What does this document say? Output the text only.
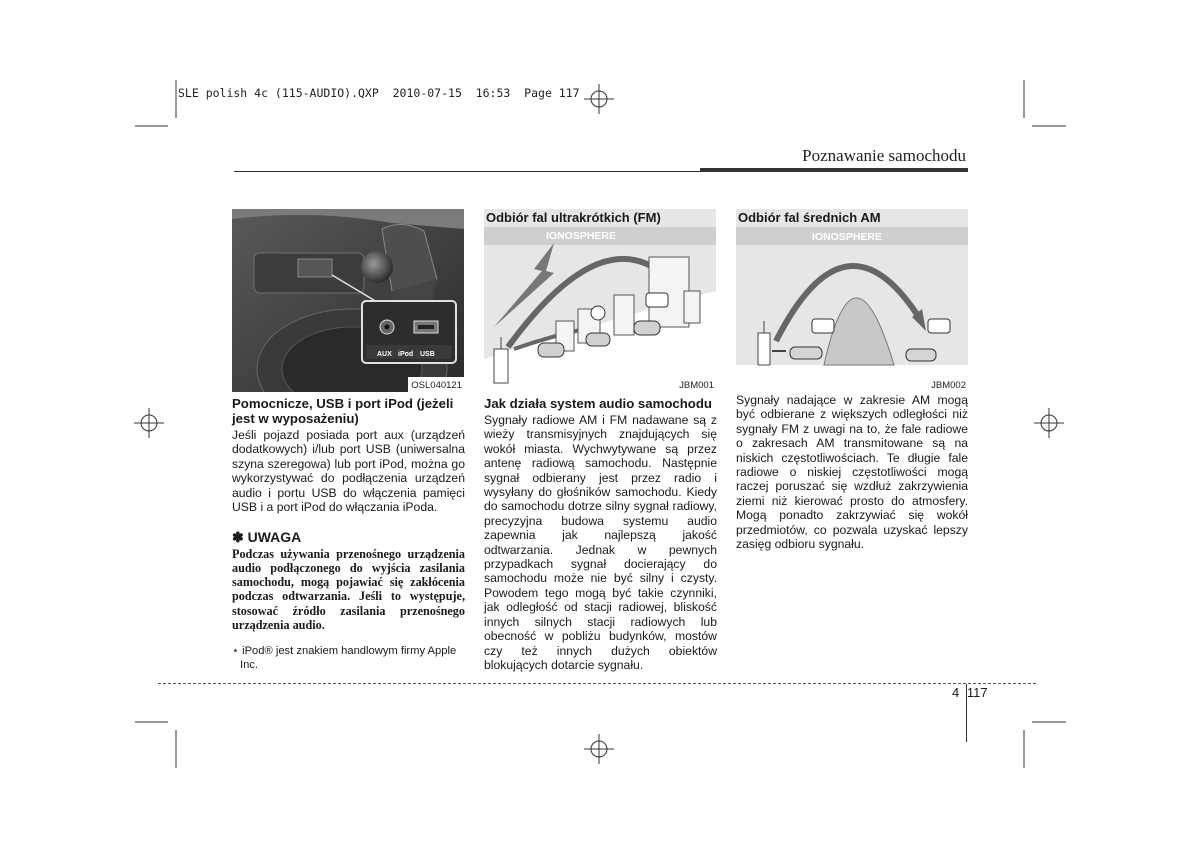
SLE polish 4c (115-AUDIO).QXP  2010-07-15  16:53  Page 117
Poznawanie samochodu
AUX iPod USB
OSL040121
IONOSPHERE
Odbiór fal ultrakrótkich (FM)
JBM001
IONOSPHERE
Odbiór fal średnich AM
JBM002
Pomocnicze, USB i port iPod (jeżeli jest w wyposażeniu)
Jeśli pojazd posiada port aux (urządzeń dodatkowych) i/lub port USB (uniwersalna szyna szeregowa) lub port iPod, można go wykorzystywać do podłączenia urządzeń audio i portu USB do włączenia pamięci USB i a port iPod do włączania iPoda.
✽ UWAGA
Podczas używania przenośnego urządzenia audio podłączonego do wyjścia zasilania samochodu, mogą pojawiać się zakłócenia podczas odtwarzania. Jeśli to występuje, stosować źródło zasilania przenośnego urządzenia audio.
⋆ iPod® jest znakiem handlowym firmy Apple Inc.
Jak działa system audio samochodu
Sygnały radiowe AM i FM nadawane są z wieży transmisyjnych znajdujących się wokół miasta. Wychwytywane są przez antenę radiową samochodu. Następnie sygnał odbierany jest przez radio i wysyłany do głośników samochodu. Kiedy do samochodu dotrze silny sygnał radiowy, precyzyjna budowa systemu audio zapewnia jak najlepszą jakość odtwarzania. Jednak w pewnych przypadkach sygnał docierający do samochodu może nie być silny i czysty. Powodem tego mogą być takie czynniki, jak odległość od stacji radiowej, bliskość innych silnych stacji radiowych lub obecność w pobliżu budynków, mostów czy też innych dużych obiektów blokujących dotarcie sygnału.
Sygnały nadające w zakresie AM mogą być odbierane z większych odległości niż sygnały FM z uwagi na to, że fale radiowe o zakresach AM transmitowane są na niskich częstotliwościach. Te długie fale radiowe o niskiej częstotliwości mogą raczej poruszać się wzdłuż zakrzywienia ziemi niż kierować prosto do atmosfery. Mogą ponadto zakrzywiać się wokół przedmiotów, co pozwala uzyskać lepszy zasięg odbioru sygnału.
4 117
